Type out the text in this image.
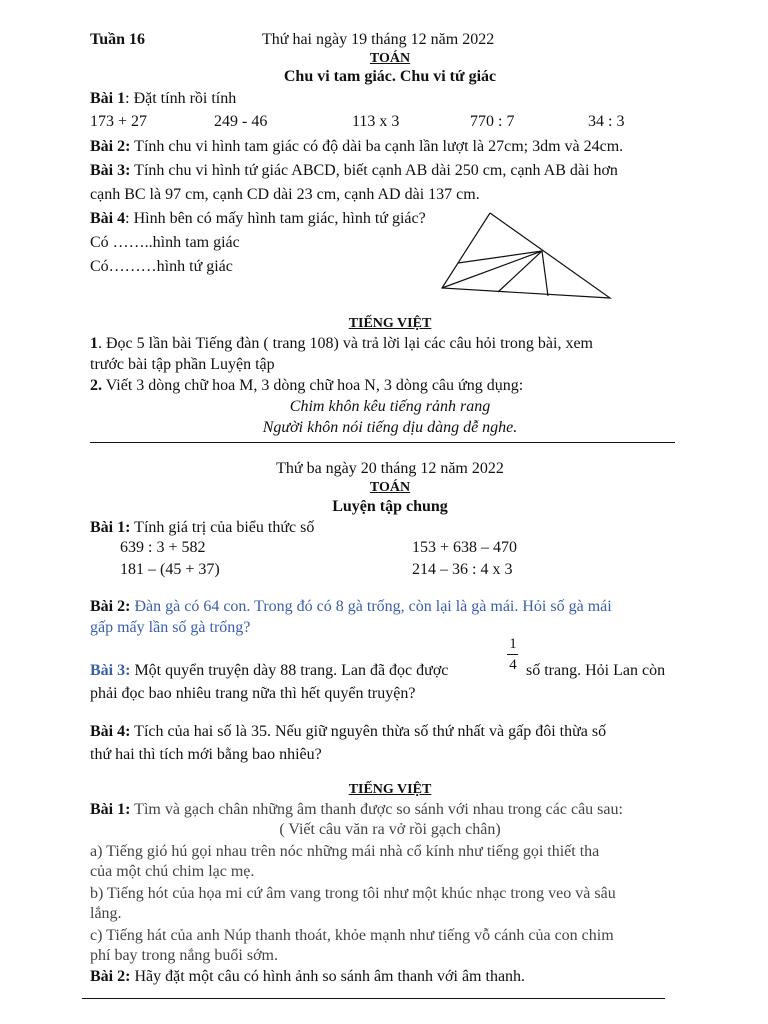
Tuần 16	Thứ hai ngày 19 tháng 12 năm 2022
TOÁN
Chu vi tam giác. Chu vi tứ giác
Bài 1: Đặt tính rồi tính
173 + 27	249 - 46	113 x 3	770 : 7	34 : 3
Bài 2: Tính chu vi hình tam giác có độ dài ba cạnh lần lượt là 27cm; 3dm và 24cm.
Bài 3: Tính chu vi hình tứ giác ABCD, biết cạnh AB dài 250 cm, cạnh AB dài hơn
cạnh BC là 97 cm, cạnh CD dài 23 cm, cạnh AD dài 137 cm.
Bài 4: Hình bên có mấy hình tam giác, hình tứ giác?
Có ……..hình tam giác
Có………hình tứ giác
TIẾNG VIỆT
1. Đọc 5 lần bài Tiếng đàn ( trang 108) và trả lời lại các câu hỏi trong bài, xem
trước bài tập phần Luyện tập
2. Viết 3 dòng chữ hoa M, 3 dòng chữ hoa N, 3 dòng câu ứng dụng:
Chim khôn kêu tiếng rảnh rang
Người khôn nói tiếng dịu dàng dễ nghe.
Thứ ba ngày 20 tháng 12 năm 2022
TOÁN
Luyện tập chung
Bài 1: Tính giá trị của biểu thức số
639 : 3 + 582	153 + 638 – 470
181 – (45 + 37)	214 – 36 : 4 x 3
Bài 2: Đàn gà có 64 con. Trong đó có 8 gà trống, còn lại là gà mái. Hỏi số gà mái
gấp mấy lần số gà trống?
1
4
Bài 3: Một quyển truyện dày 88 trang. Lan đã đọc được	số trang. Hỏi Lan còn
phải đọc bao nhiêu trang nữa thì hết quyển truyện?
Bài 4: Tích của hai số là 35. Nếu giữ nguyên thừa số thứ nhất và gấp đôi thừa số
thứ hai thì tích mới bằng bao nhiêu?
TIẾNG VIỆT
Bài 1: Tìm và gạch chân những âm thanh được so sánh với nhau trong các câu sau:
( Viết câu văn ra vở rồi gạch chân)
a) Tiếng gió hú gọi nhau trên nóc những mái nhà cổ kính như tiếng gọi thiết tha
của một chú chim lạc mẹ.
b) Tiếng hót của họa mi cứ âm vang trong tôi như một khúc nhạc trong veo và sâu
lắng.
c) Tiếng hát của anh Núp thanh thoát, khỏe mạnh như tiếng vỗ cánh của con chim
phí bay trong nắng buổi sớm.
Bài 2: Hãy đặt một câu có hình ảnh so sánh âm thanh với âm thanh.
